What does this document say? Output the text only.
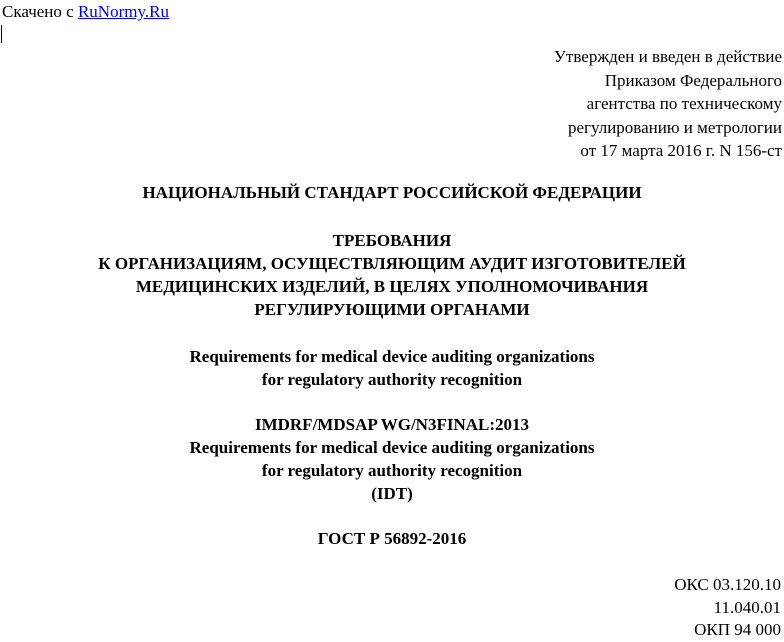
Скачено с RuNormy.Ru
Утвержден и введен в действие
Приказом Федерального
агентства по техническому
регулированию и метрологии
от 17 марта 2016 г. N 156-ст
НАЦИОНАЛЬНЫЙ СТАНДАРТ РОССИЙСКОЙ ФЕДЕРАЦИИ
ТРЕБОВАНИЯ
К ОРГАНИЗАЦИЯМ, ОСУЩЕСТВЛЯЮЩИМ АУДИТ ИЗГОТОВИТЕЛЕЙ
МЕДИЦИНСКИХ ИЗДЕЛИЙ, В ЦЕЛЯХ УПОЛНОМОЧИВАНИЯ
РЕГУЛИРУЮЩИМИ ОРГАНАМИ
Requirements for medical device auditing organizations
for regulatory authority recognition
IMDRF/MDSAP WG/N3FINAL:2013
Requirements for medical device auditing organizations
for regulatory authority recognition
(IDT)
ГОСТ Р 56892-2016
ОКС 03.120.10
11.040.01
ОКП 94 000
